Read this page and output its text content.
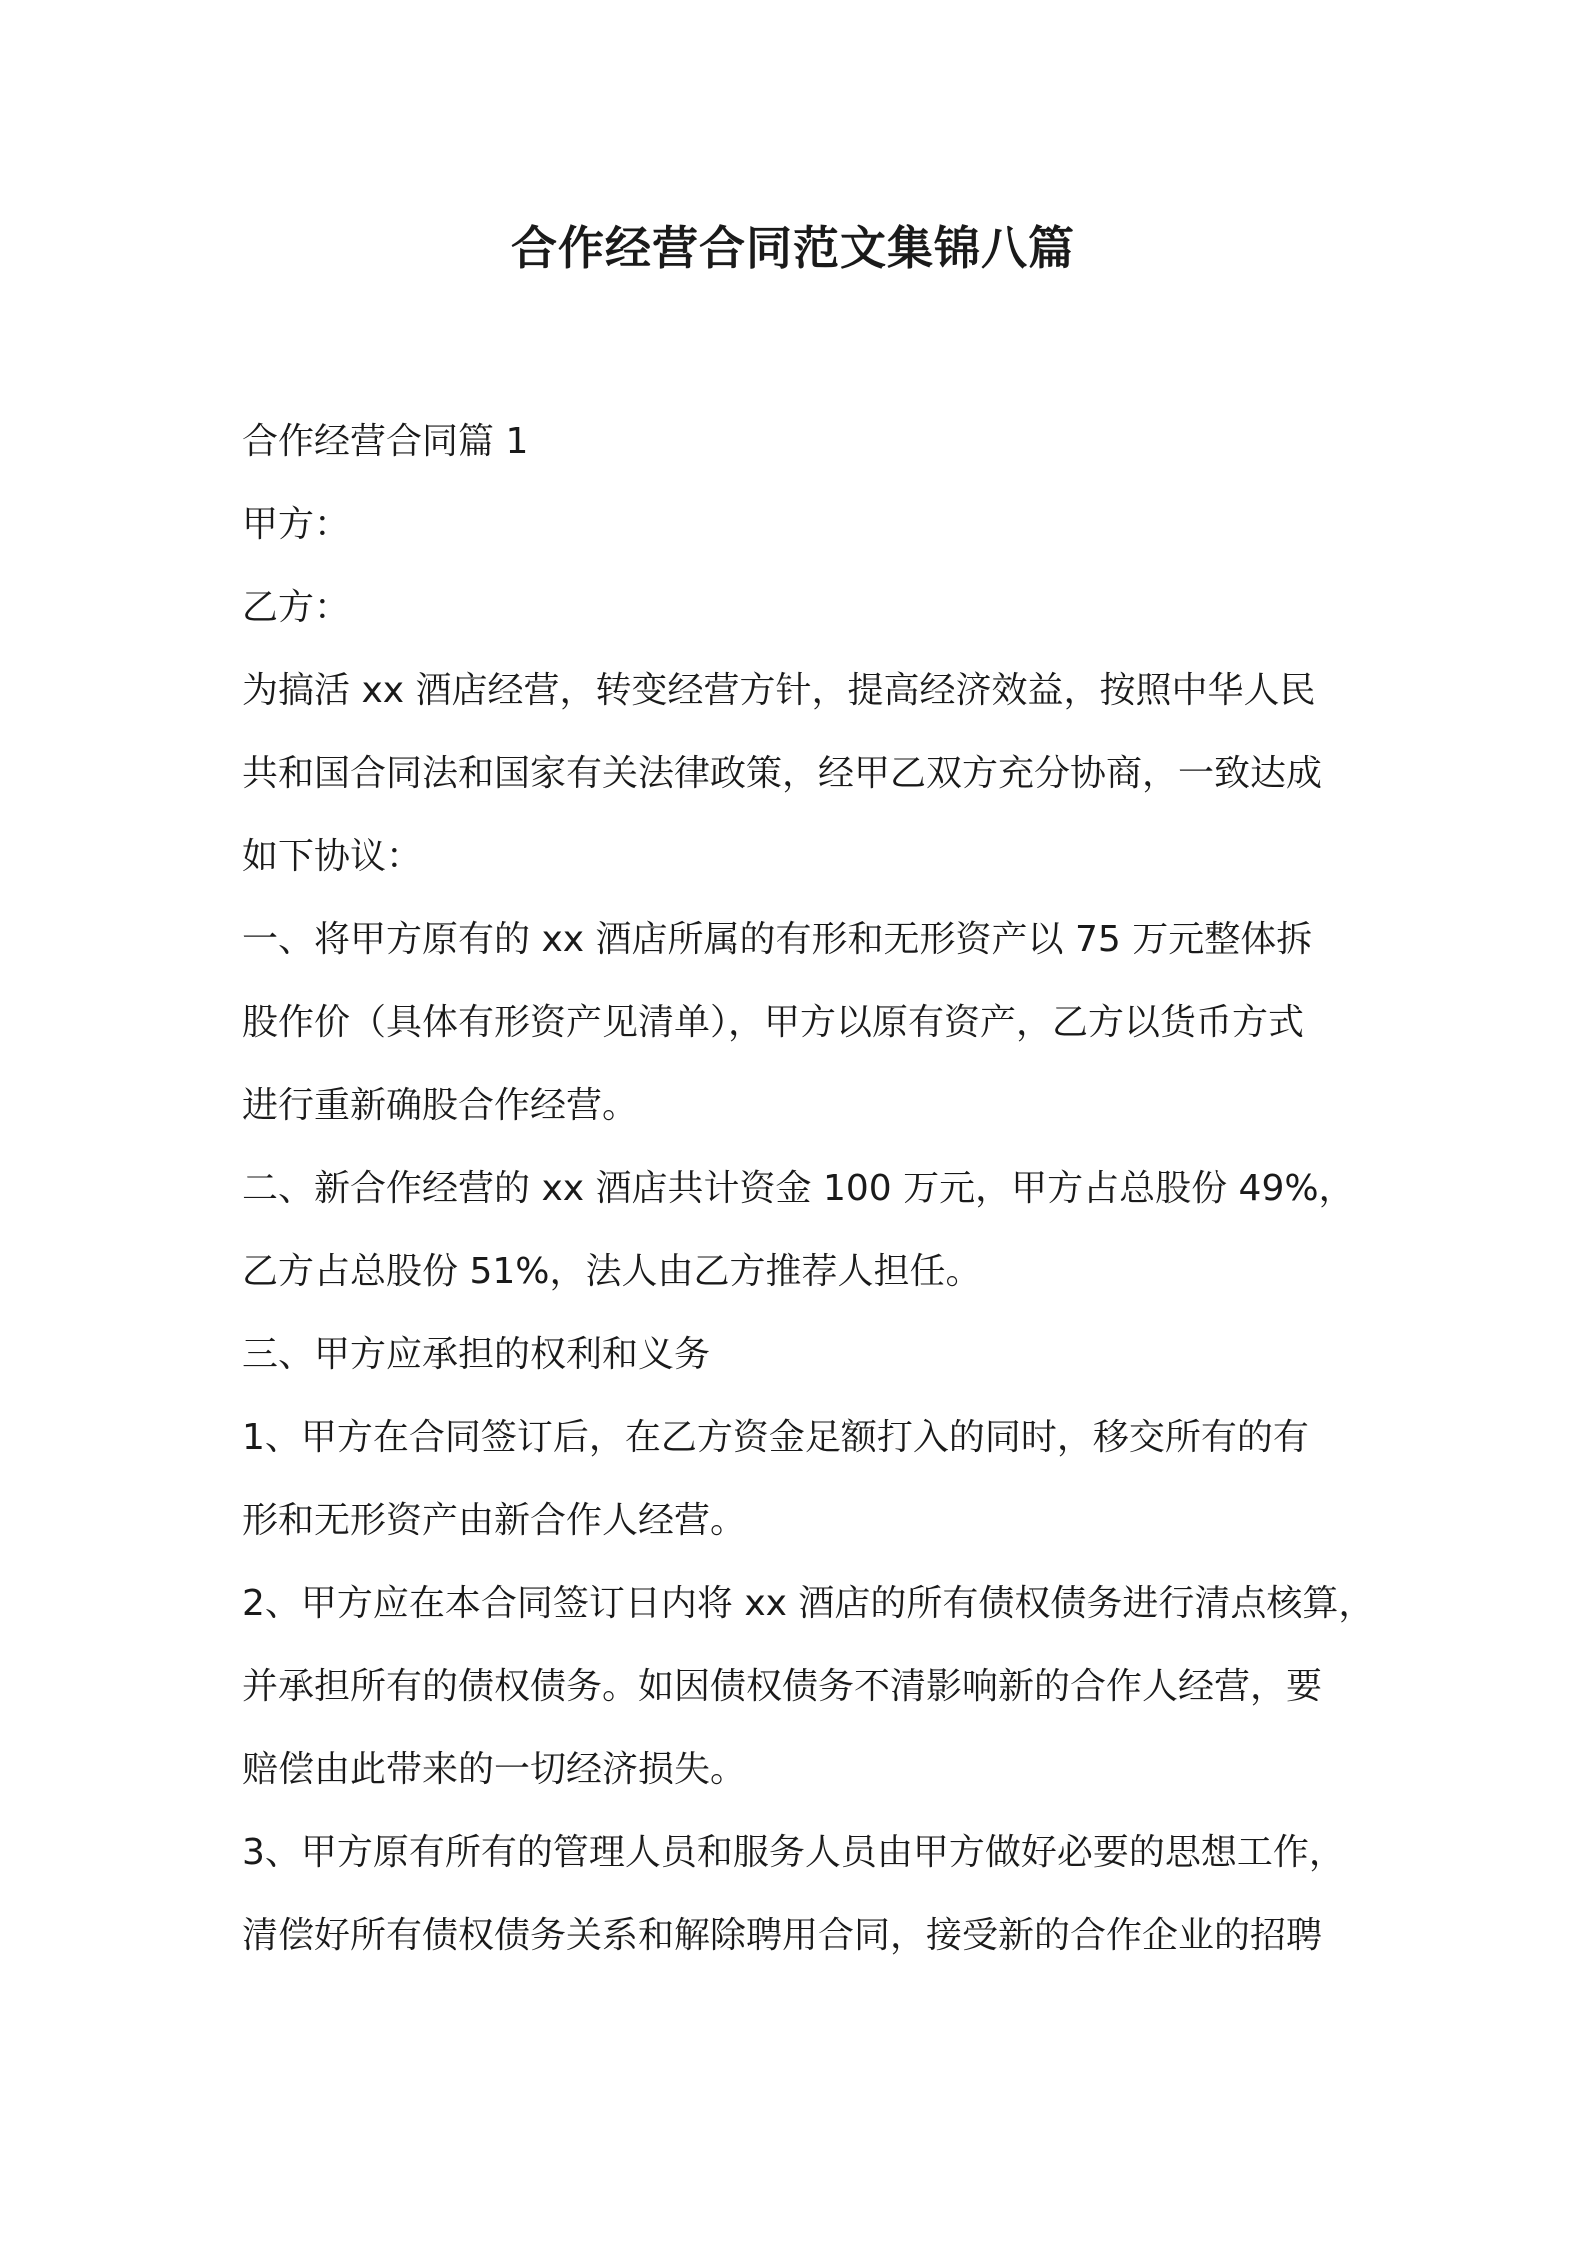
合作经营合同范文集锦八篇

合作经营合同篇 1

甲方：

乙方：

为搞活 xx 酒店经营，转变经营方针，提高经济效益，按照中华人民
共和国合同法和国家有关法律政策，经甲乙双方充分协商，一致达成
如下协议：

一、将甲方原有的 xx 酒店所属的有形和无形资产以 75 万元整体拆
股作价（具体有形资产见清单），甲方以原有资产，乙方以货币方式
进行重新确股合作经营。

二、新合作经营的 xx 酒店共计资金 100 万元，甲方占总股份 49%，
乙方占总股份 51%，法人由乙方推荐人担任。

三、甲方应承担的权利和义务

1、甲方在合同签订后，在乙方资金足额打入的同时，移交所有的有
形和无形资产由新合作人经营。

2、甲方应在本合同签订日内将 xx 酒店的所有债权债务进行清点核算，
并承担所有的债权债务。如因债权债务不清影响新的合作人经营，要
赔偿由此带来的一切经济损失。

3、甲方原有所有的管理人员和服务人员由甲方做好必要的思想工作，
清偿好所有债权债务关系和解除聘用合同，接受新的合作企业的招聘
